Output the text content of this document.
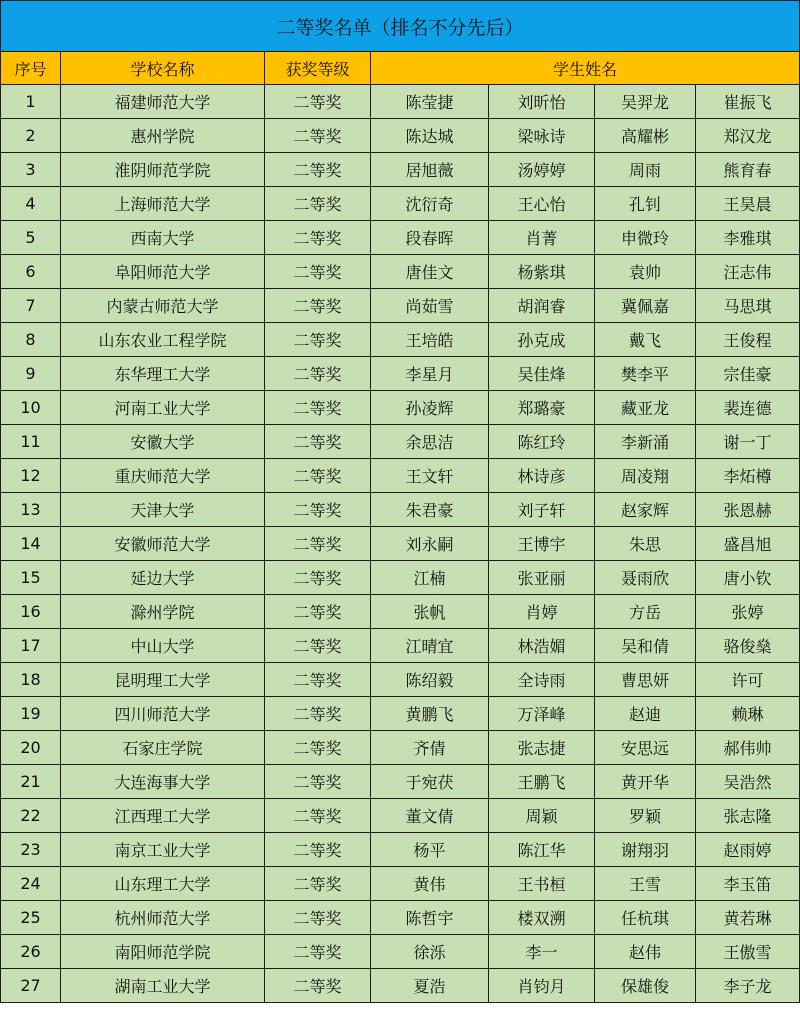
二等奖名单（排名不分先后）						
序号	学校名称	获奖等级	学生姓名			
1	福建师范大学	二等奖	陈莹捷	刘昕怡	吴羿龙	崔振飞
2	惠州学院	二等奖	陈达城	梁咏诗	高耀彬	郑汉龙
3	淮阴师范学院	二等奖	居旭薇	汤婷婷	周雨	熊育春
4	上海师范大学	二等奖	沈衍奇	王心怡	孔钊	王昊晨
5	西南大学	二等奖	段春晖	肖菁	申微玲	李雅琪
6	阜阳师范大学	二等奖	唐佳文	杨紫琪	袁帅	汪志伟
7	内蒙古师范大学	二等奖	尚茹雪	胡润睿	冀佩嘉	马思琪
8	山东农业工程学院	二等奖	王培皓	孙克成	戴飞	王俊程
9	东华理工大学	二等奖	李星月	吴佳烽	樊李平	宗佳豪
10	河南工业大学	二等奖	孙凌辉	郑璐豪	藏亚龙	裴连德
11	安徽大学	二等奖	余思洁	陈红玲	李新涌	谢一丁
12	重庆师范大学	二等奖	王文轩	林诗彦	周凌翔	李炻樽
13	天津大学	二等奖	朱君豪	刘子轩	赵家辉	张恩赫
14	安徽师范大学	二等奖	刘永嗣	王博宇	朱思	盛昌旭
15	延边大学	二等奖	江楠	张亚丽	聂雨欣	唐小钦
16	滁州学院	二等奖	张帆	肖婷	方岳	张婷
17	中山大学	二等奖	江晴宜	林浩媚	吴和倩	骆俊燊
18	昆明理工大学	二等奖	陈绍毅	全诗雨	曹思妍	许可
19	四川师范大学	二等奖	黄鹏飞	万泽峰	赵迪	赖琳
20	石家庄学院	二等奖	齐倩	张志捷	安思远	郝伟帅
21	大连海事大学	二等奖	于宛茯	王鹏飞	黄开华	吴浩然
22	江西理工大学	二等奖	董文倩	周颖	罗颖	张志隆
23	南京工业大学	二等奖	杨平	陈江华	谢翔羽	赵雨婷
24	山东理工大学	二等奖	黄伟	王书桓	王雪	李玉笛
25	杭州师范大学	二等奖	陈哲宇	楼双溯	任杭琪	黄若琳
26	南阳师范学院	二等奖	徐泺	李一	赵伟	王傲雪
27	湖南工业大学	二等奖	夏浩	肖钧月	保雄俊	李子龙
